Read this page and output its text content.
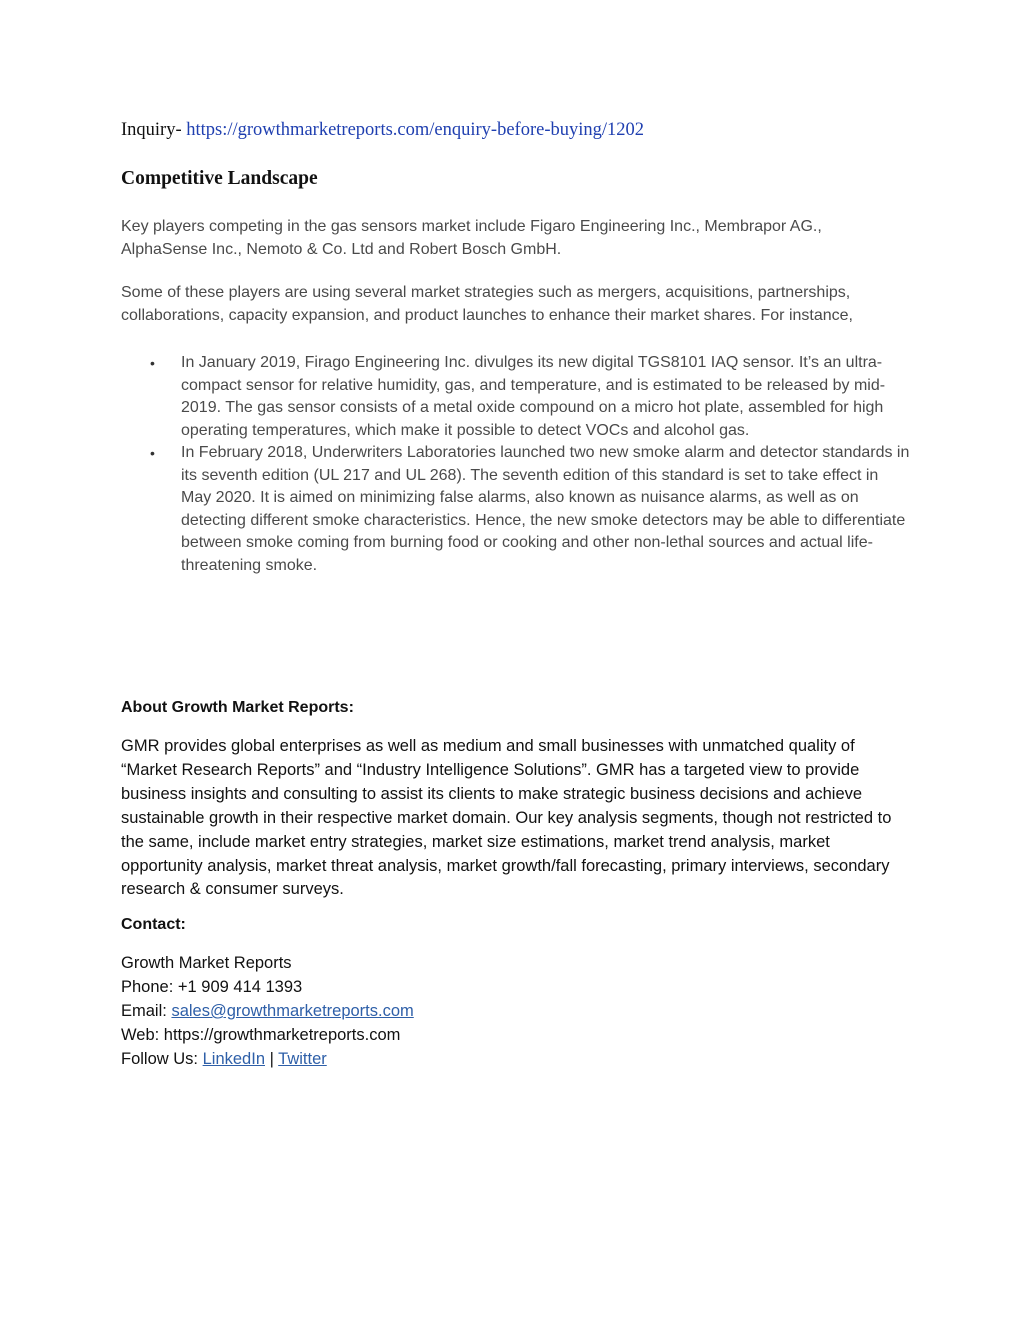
Inquiry- https://growthmarketreports.com/enquiry-before-buying/1202
Competitive Landscape
Key players competing in the gas sensors market include Figaro Engineering Inc., Membrapor AG., AlphaSense Inc., Nemoto & Co. Ltd and Robert Bosch GmbH.
Some of these players are using several market strategies such as mergers, acquisitions, partnerships, collaborations, capacity expansion, and product launches to enhance their market shares. For instance,
• In January 2019, Firago Engineering Inc. divulges its new digital TGS8101 IAQ sensor. It’s an ultra-compact sensor for relative humidity, gas, and temperature, and is estimated to be released by mid-2019. The gas sensor consists of a metal oxide compound on a micro hot plate, assembled for high operating temperatures, which make it possible to detect VOCs and alcohol gas.
• In February 2018, Underwriters Laboratories launched two new smoke alarm and detector standards in its seventh edition (UL 217 and UL 268). The seventh edition of this standard is set to take effect in May 2020. It is aimed on minimizing false alarms, also known as nuisance alarms, as well as on detecting different smoke characteristics. Hence, the new smoke detectors may be able to differentiate between smoke coming from burning food or cooking and other non-lethal sources and actual life-threatening smoke.
About Growth Market Reports:
GMR provides global enterprises as well as medium and small businesses with unmatched quality of “Market Research Reports” and “Industry Intelligence Solutions”. GMR has a targeted view to provide business insights and consulting to assist its clients to make strategic business decisions and achieve sustainable growth in their respective market domain. Our key analysis segments, though not restricted to the same, include market entry strategies, market size estimations, market trend analysis, market opportunity analysis, market threat analysis, market growth/fall forecasting, primary interviews, secondary research & consumer surveys.
Contact:
Growth Market Reports
Phone: +1 909 414 1393
Email: sales@growthmarketreports.com
Web: https://growthmarketreports.com
Follow Us: LinkedIn | Twitter
